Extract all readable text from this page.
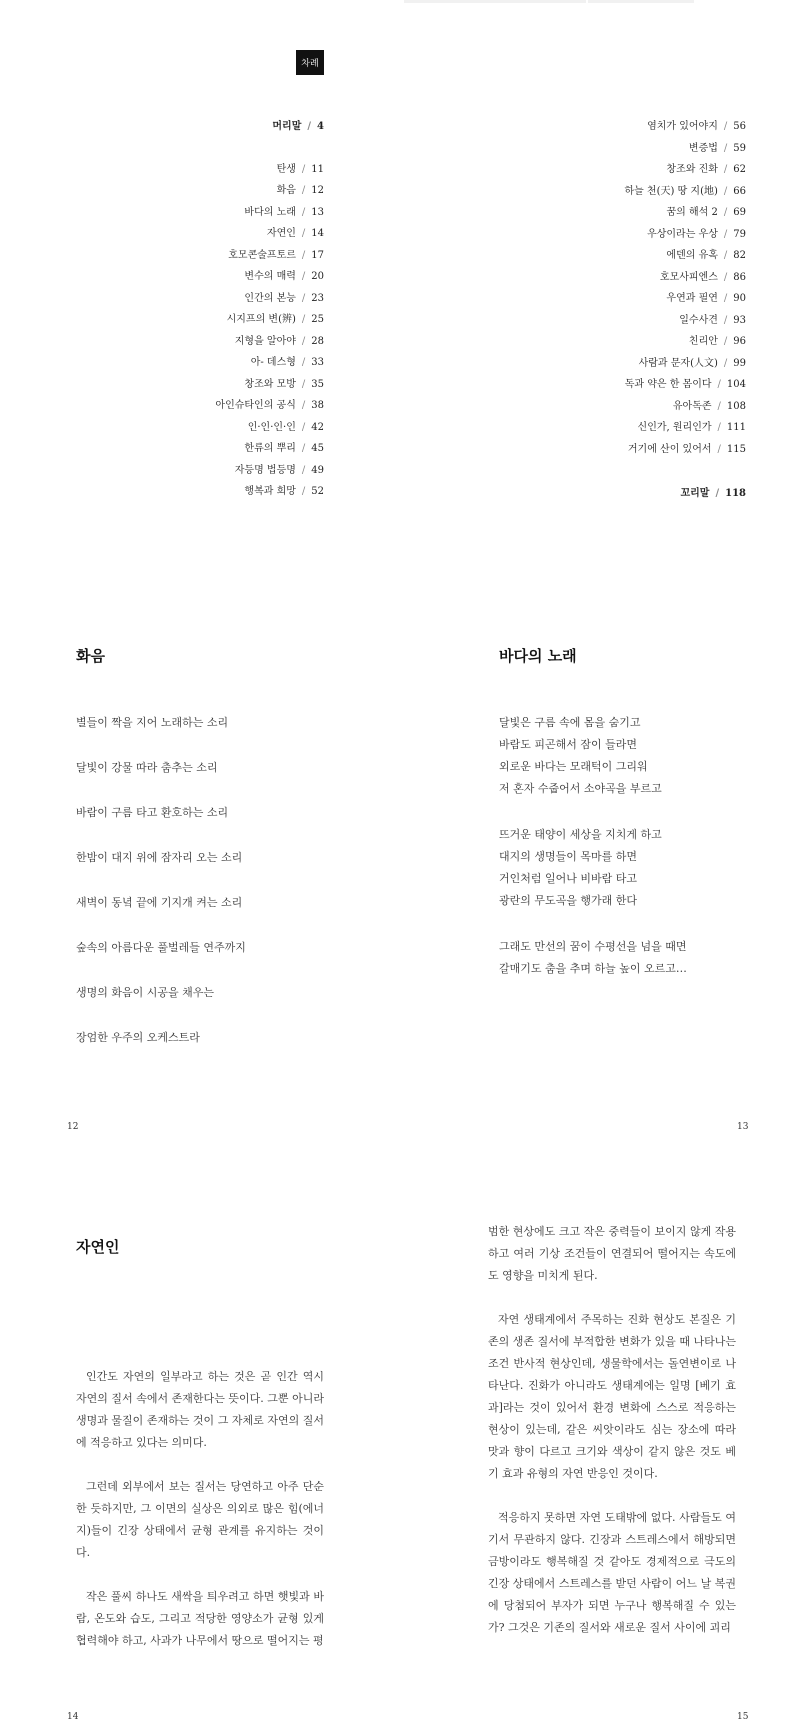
차례
머리말 / 4
탄생 / 11
화음 / 12
바다의 노래 / 13
자연인 / 14
호모콘술프토르 / 17
변수의 매력 / 20
인간의 본능 / 23
시지프의 변(辨) / 25
지형을 알아야 / 28
아- 데스형 / 33
창조와 모방 / 35
아인슈타인의 공식 / 38
인·인·인·인 / 42
한류의 뿌리 / 45
자등명 법등명 / 49
행복과 희망 / 52
염치가 있어야지 / 56
변증법 / 59
창조와 진화 / 62
하늘 천(天) 땅 지(地) / 66
꿈의 해석 2 / 69
우상이라는 우상 / 79
에덴의 유혹 / 82
호모사피엔스 / 86
우연과 필연 / 90
일수사견 / 93
친리안 / 96
사람과 문자(人文) / 99
독과 약은 한 몸이다 / 104
유아독존 / 108
신인가, 원리인가 / 111
거기에 산이 있어서 / 115
꼬리말 / 118
화음
별들이 짝을 지어 노래하는 소리
달빛이 강물 따라 춤추는 소리
바람이 구름 타고 환호하는 소리
한밤이 대지 위에 잠자리 오는 소리
새벽이 동녘 끝에 기지개 켜는 소리
숲속의 아름다운 풀벌레들 연주까지
생명의 화음이 시공을 채우는
장엄한 우주의 오케스트라
12
바다의 노래
달빛은 구름 속에 몸을 숨기고
바람도 피곤해서 잠이 들라면
외로운 바다는 모래턱이 그리워
저 혼자 수줍어서 소야곡을 부르고
뜨거운 태양이 세상을 지치게 하고
대지의 생명들이 목마를 하면
거인처럼 일어나 비바람 타고
광란의 무도곡을 행가래 한다
그래도 만선의 꿈이 수평선을 넘을 때면
갈매기도 춤을 추며 하늘 높이 오르고…
13
자연인

인간도 자연의 일부라고 하는 것은 곧 인간 역시 자연의 질서 속에서 존재한다는 뜻이다. 그뿐 아니라 생명과 물질이 존재하는 것이 그 자체로 자연의 질서에 적응하고 있다는 의미다.

그런데 외부에서 보는 질서는 당연하고 아주 단순한 듯하지만, 그 이면의 실상은 의외로 많은 힘(에너지)들이 긴장 상태에서 균형 관계를 유지하는 것이다.

작은 풀씨 하나도 새싹을 틔우려고 하면 햇빛과 바람, 온도와 습도, 그리고 적당한 영양소가 균형 있게 협력해야 하고, 사과가 나무에서 땅으로 떨어지는 평

14

범한 현상에도 크고 작은 중력들이 보이지 않게 작용하고 여러 기상 조건들이 연결되어 떨어지는 속도에도 영향을 미치게 된다.

자연 생태계에서 주목하는 진화 현상도 본질은 기존의 생존 질서에 부적합한 변화가 있을 때 나타나는 조건 반사적 현상인데, 생물학에서는 돌연변이로 나타난다. 진화가 아니라도 생태계에는 일명 [베기 효과]라는 것이 있어서 환경 변화에 스스로 적응하는 현상이 있는데, 같은 씨앗이라도 심는 장소에 따라 맛과 향이 다르고 크기와 색상이 같지 않은 것도 베기 효과 유형의 자연 반응인 것이다.

적응하지 못하면 자연 도태밖에 없다. 사람들도 여기서 무관하지 않다. 긴장과 스트레스에서 해방되면 금방이라도 행복해질 것 같아도 경제적으로 극도의 긴장 상태에서 스트레스를 받던 사람이 어느 날 복권에 당첨되어 부자가 되면 누구나 행복해질 수 있는가? 그것은 기존의 질서와 새로운 질서 사이에 괴리

15
